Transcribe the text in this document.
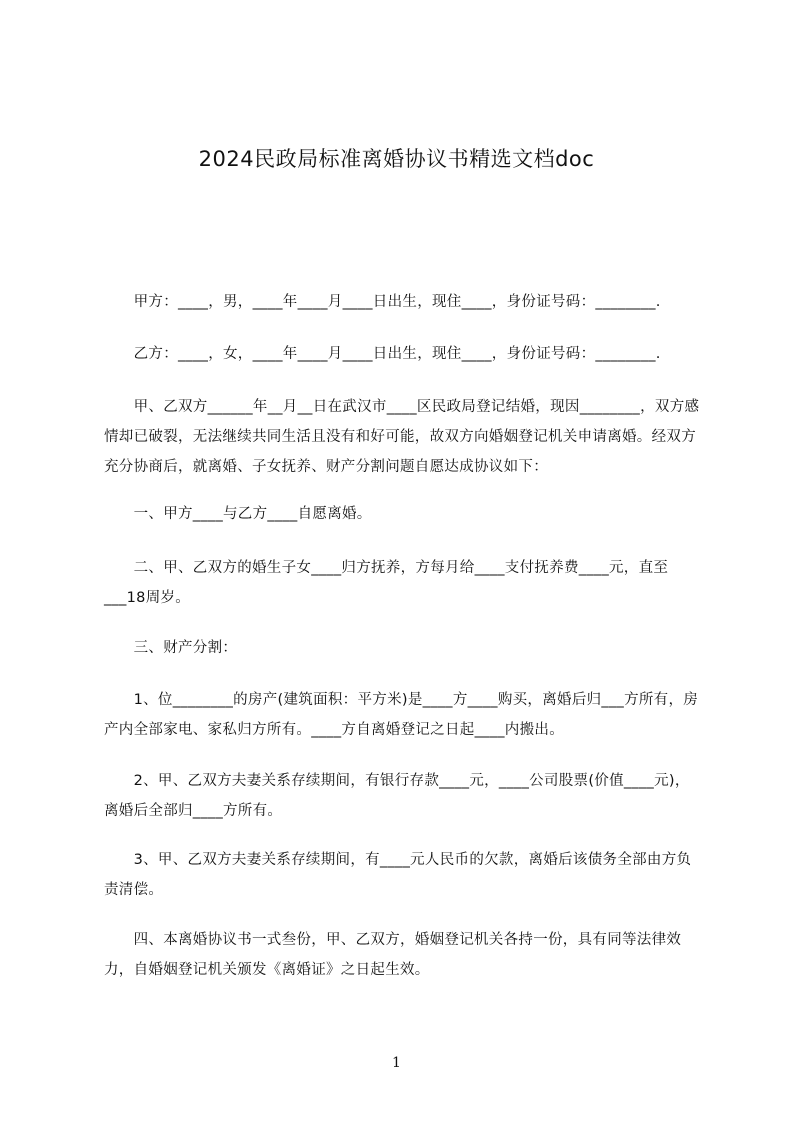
2024民政局标准离婚协议书精选文档doc
　　甲方：____，男，____年____月____日出生，现住____，身份证号码：________.
　　乙方：____，女，____年____月____日出生，现住____，身份证号码：________.
　　甲、乙双方______年__月__日在武汉市____区民政局登记结婚，现因________，双方感情却已破裂，无法继续共同生活且没有和好可能，故双方向婚姻登记机关申请离婚。经双方充分协商后，就离婚、子女抚养、财产分割问题自愿达成协议如下：
　　一、甲方____与乙方____自愿离婚。
　　二、甲、乙双方的婚生子女____归方抚养，方每月给____支付抚养费____元，直至___18周岁。
　　三、财产分割：
　　1、位________的房产(建筑面积：平方米)是____方____购买，离婚后归___方所有，房产内全部家电、家私归方所有。____方自离婚登记之日起____内搬出。
　　2、甲、乙双方夫妻关系存续期间，有银行存款____元，____公司股票(价值____元)，离婚后全部归____方所有。
　　3、甲、乙双方夫妻关系存续期间，有____元人民币的欠款，离婚后该债务全部由方负责清偿。
　　四、本离婚协议书一式叁份，甲、乙双方，婚姻登记机关各持一份，具有同等法律效力，自婚姻登记机关颁发《离婚证》之日起生效。
1
